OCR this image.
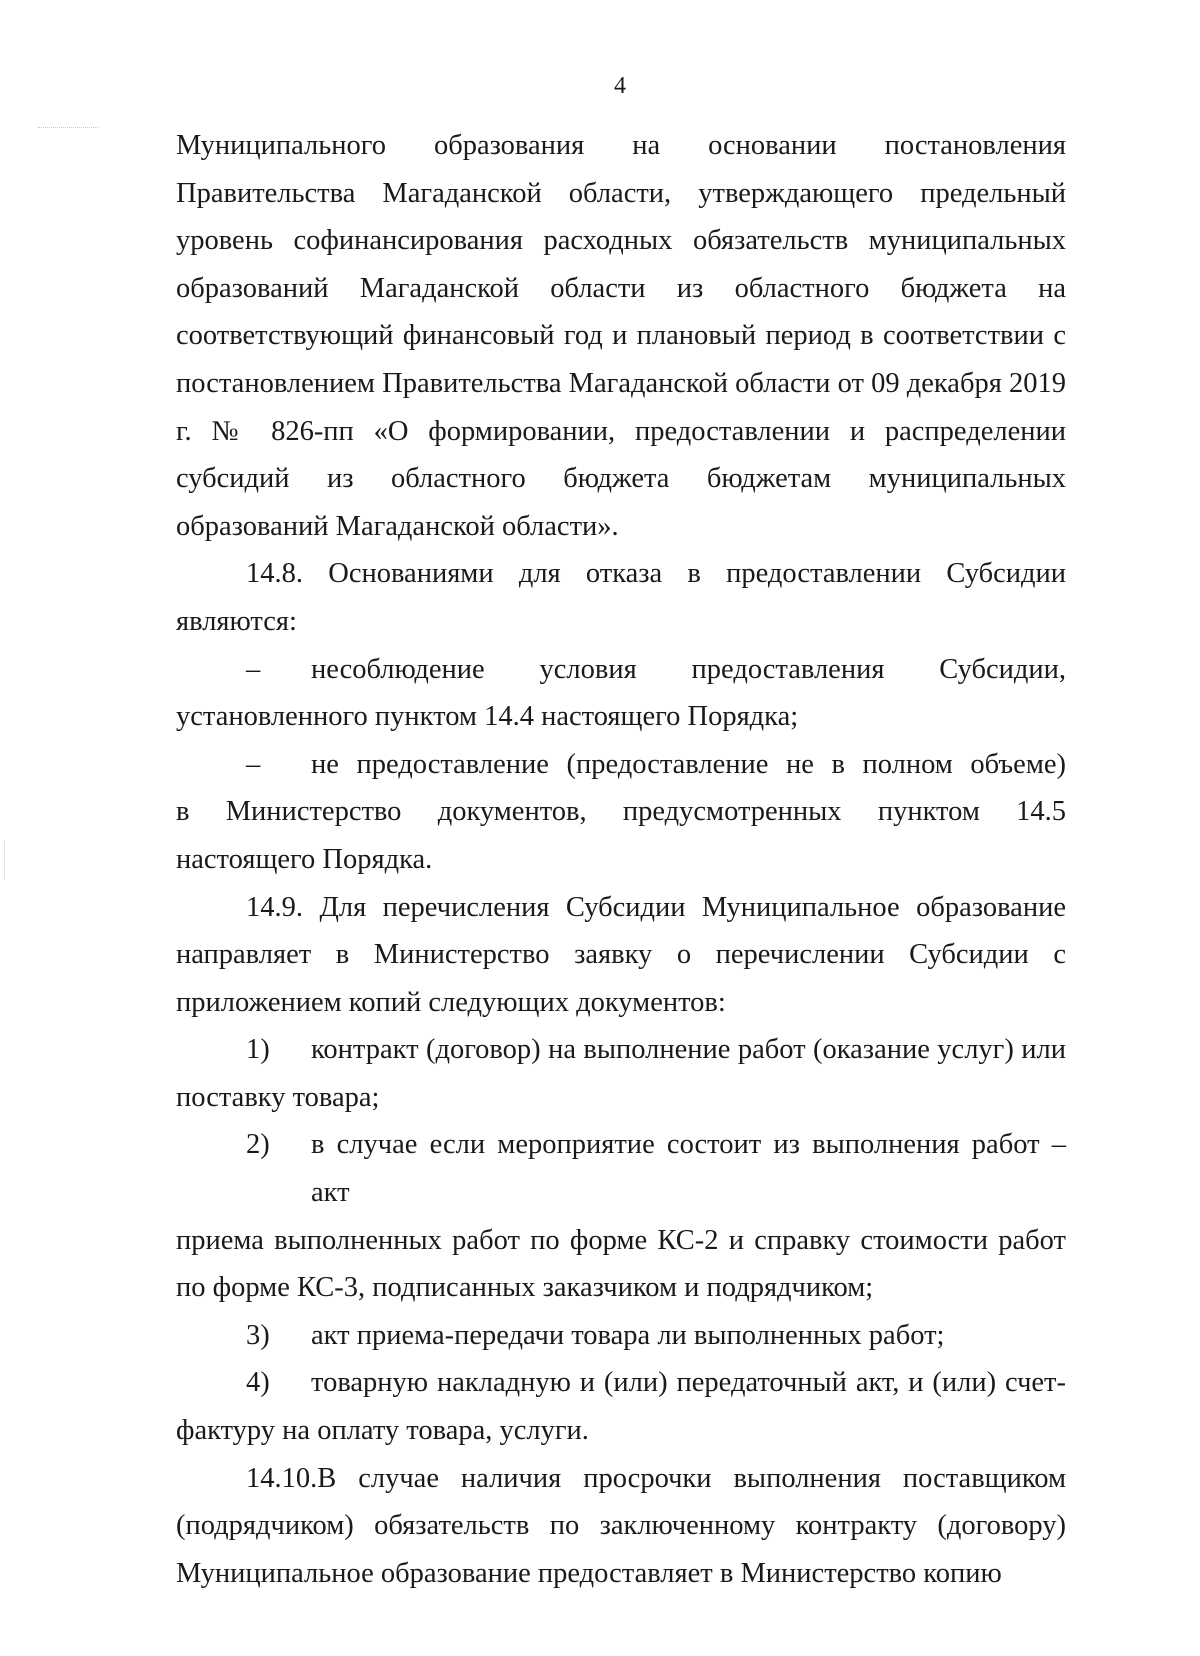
4

Муниципального образования на основании постановления Правительства Магаданской области, утверждающего предельный уровень софинансирования расходных обязательств муниципальных образований Магаданской области из областного бюджета на соответствующий финансовый год и плановый период в соответствии с постановлением Правительства Магаданской области от 09 декабря 2019 г. № 826-пп «О формировании, предоставлении и распределении субсидий из областного бюджета бюджетам муниципальных образований Магаданской области».

14.8. Основаниями для отказа в предоставлении Субсидии являются:

–	несоблюдение условия предоставления Субсидии,

установленного пунктом 14.4 настоящего Порядка;

–	не предоставление (предоставление не в полном объеме)

в Министерство документов, предусмотренных пунктом 14.5 настоящего Порядка.

14.9. Для перечисления Субсидии Муниципальное образование направляет в Министерство заявку о перечислении Субсидии с приложением копий следующих документов:

1)	контракт (договор) на выполнение работ (оказание услуг) или

поставку товара;

2)	в случае если мероприятие состоит из выполнения работ – акт

приема выполненных работ по форме КС-2 и справку стоимости работ по форме КС-3, подписанных заказчиком и подрядчиком;

3)	акт приема-передачи товара ли выполненных работ;
4)	товарную накладную и (или) передаточный акт, и (или) счет-

фактуру на оплату товара, услуги.

14.10.В случае наличия просрочки выполнения поставщиком (подрядчиком) обязательств по заключенному контракту (договору) Муниципальное образование предоставляет в Министерство копию
